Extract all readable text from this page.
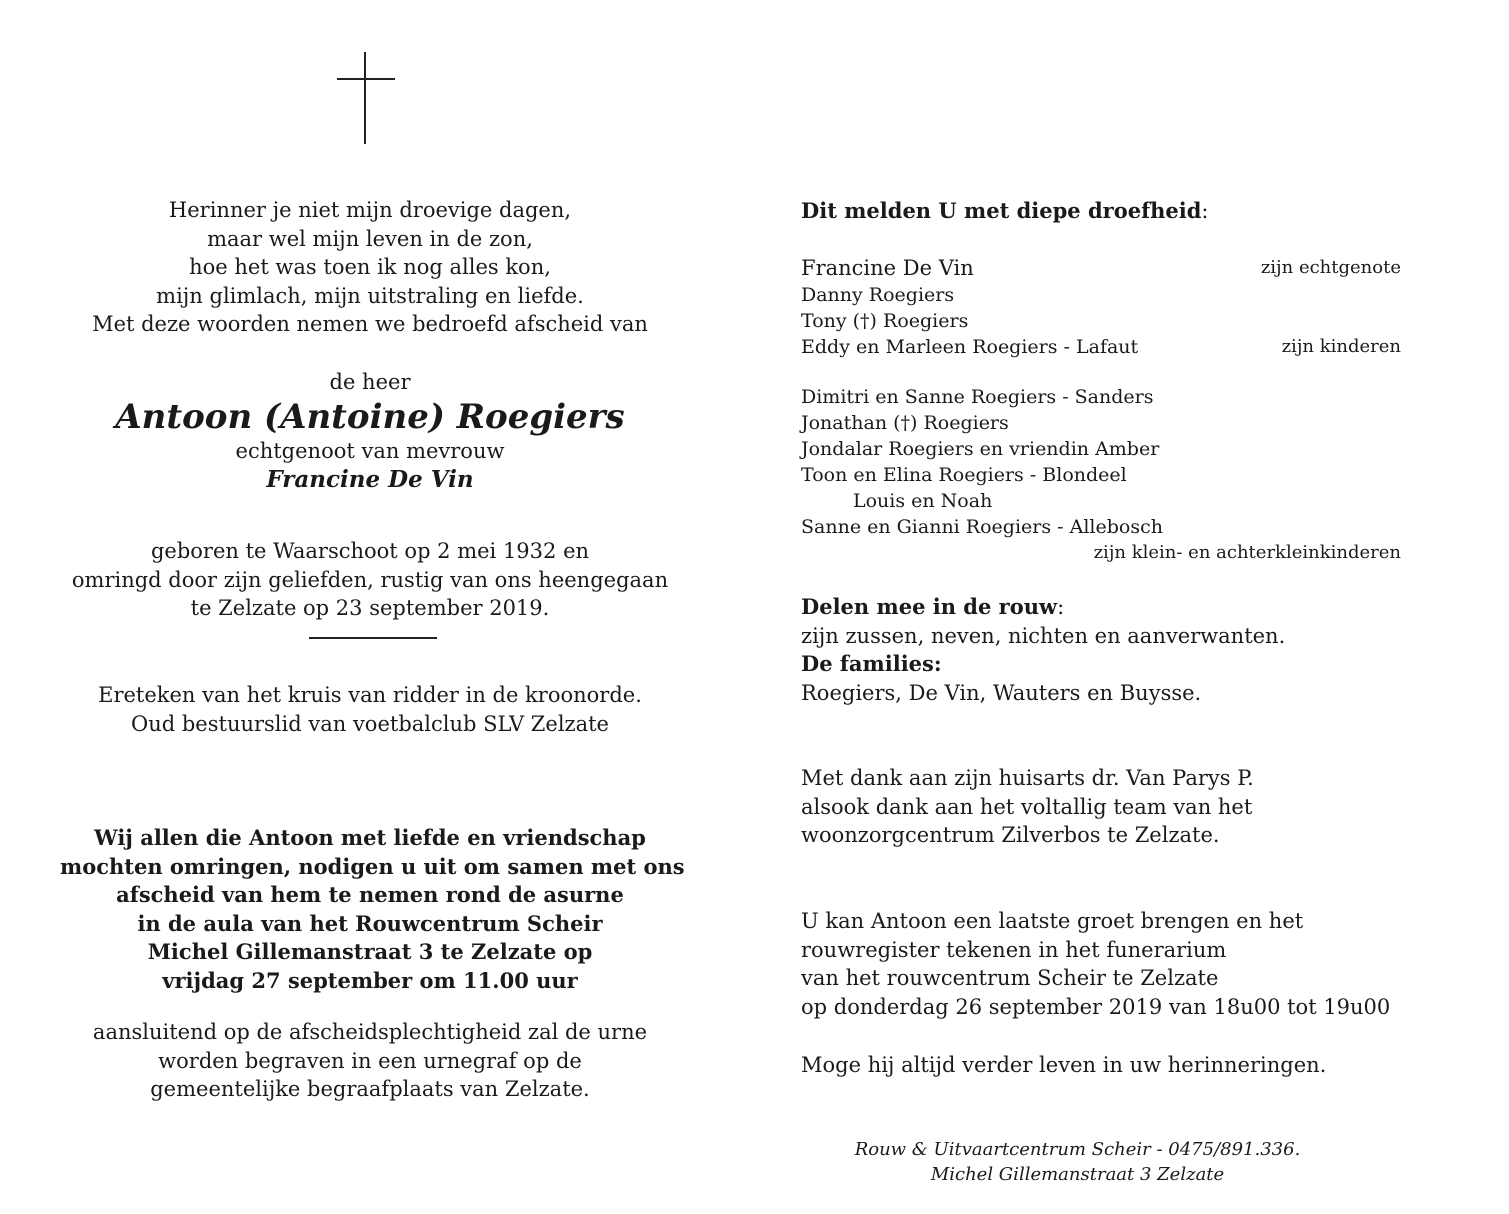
Herinner je niet mijn droevige dagen,
maar wel mijn leven in de zon,
hoe het was toen ik nog alles kon,
mijn glimlach, mijn uitstraling en liefde.
Met deze woorden nemen we bedroefd afscheid van
de heer
Antoon (Antoine) Roegiers
echtgenoot van mevrouw
Francine De Vin
geboren te Waarschoot op 2 mei 1932 en
omringd door zijn geliefden, rustig van ons heengegaan
te Zelzate op 23 september 2019.
Ereteken van het kruis van ridder in de kroonorde.
Oud bestuurslid van voetbalclub SLV Zelzate
Wij allen die Antoon met liefde en vriendschap
mochten omringen, nodigen u uit om samen met ons
afscheid van hem te nemen rond de asurne
in de aula van het Rouwcentrum Scheir
Michel Gillemanstraat 3 te Zelzate op
vrijdag 27 september om 11.00 uur
aansluitend op de afscheidsplechtigheid zal de urne
worden begraven in een urnegraf op de
gemeentelijke begraafplaats van Zelzate.
Dit melden U met diepe droefheid:
Francine De Vin	zijn echtgenote
Danny Roegiers
Tony (†) Roegiers
Eddy en Marleen Roegiers - Lafaut	zijn kinderen
Dimitri en Sanne Roegiers - Sanders
Jonathan (†) Roegiers
Jondalar Roegiers en vriendin Amber
Toon en Elina Roegiers - Blondeel
Louis en Noah
Sanne en Gianni Roegiers - Allebosch
zijn klein- en achterkleinkinderen
Delen mee in de rouw:
zijn zussen, neven, nichten en aanverwanten.
De families:
Roegiers, De Vin, Wauters en Buysse.
Met dank aan zijn huisarts dr. Van Parys P.
alsook dank aan het voltallig team van het
woonzorgcentrum Zilverbos te Zelzate.
U kan Antoon een laatste groet brengen en het
rouwregister tekenen in het funerarium
van het rouwcentrum Scheir te Zelzate
op donderdag 26 september 2019 van 18u00 tot 19u00
Moge hij altijd verder leven in uw herinneringen.
Rouw & Uitvaartcentrum Scheir - 0475/891.336.
Michel Gillemanstraat 3 Zelzate
